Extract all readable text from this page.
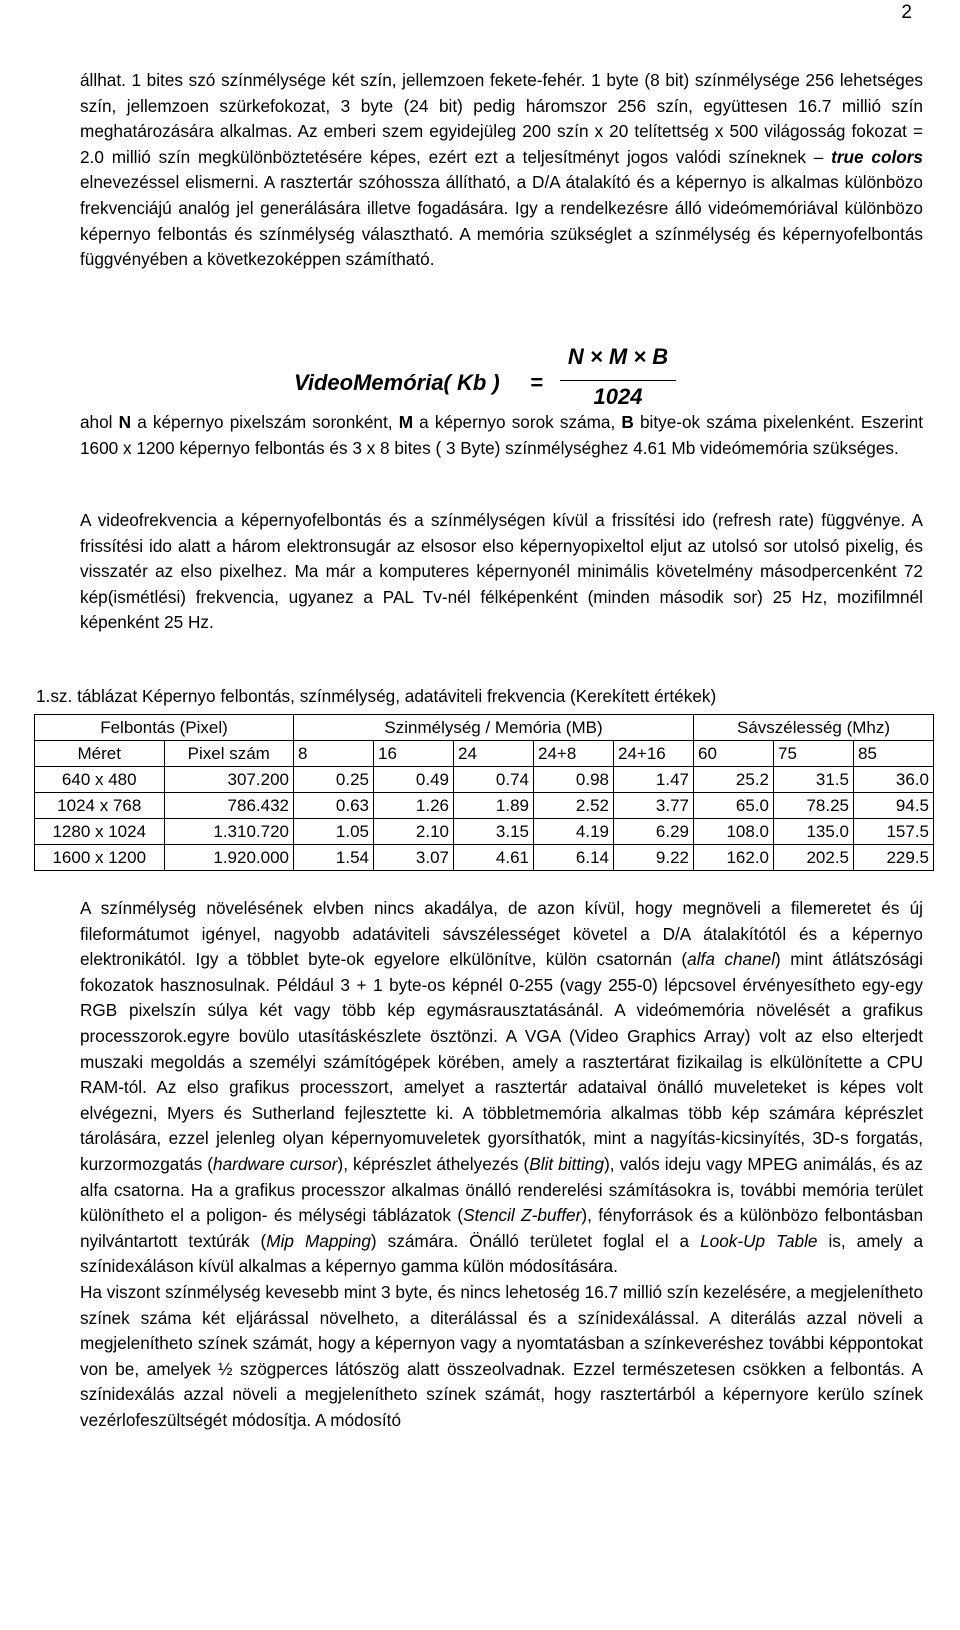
2

állhat. 1 bites szó színmélysége két szín, jellemzoen fekete-fehér. 1 byte (8 bit) színmélysége 256 lehetséges szín, jellemzoen szürkefokozat, 3 byte (24 bit) pedig háromszor 256 szín, együttesen 16.7 millió szín meghatározására alkalmas. Az emberi szem egyidejüleg 200 szín x 20 telítettség x 500 világosság fokozat = 2.0 millió szín megkülönböztetésére képes, ezért ezt a teljesítményt jogos valódi színeknek – true colors elnevezéssel elismerni. A rasztertár szóhossza állítható, a D/A átalakító és a képernyo is alkalmas különbözo frekvenciájú analóg jel generálására illetve fogadására. Igy a rendelkezésre álló videómemóriával különbözo képernyo felbontás és színmélység választható. A memória szükséglet a színmélység és képernyofelbontás függvényében a következoképpen számítható.

VideoMemória( Kb ) =
N × M × B
1024

ahol N a képernyo pixelszám soronként, M a képernyo sorok száma, B bitye-ok száma pixelenként. Eszerint 1600 x 1200 képernyo felbontás és 3 x 8 bites ( 3 Byte) színmélységhez 4.61 Mb videómemória szükséges.

A videofrekvencia a képernyofelbontás és a színmélységen kívül a frissítési ido (refresh rate) függvénye. A frissítési ido alatt a három elektronsugár az elsosor elso képernyopixeltol eljut az utolsó sor utolsó pixelig, és visszatér az elso pixelhez. Ma már a komputeres képernyonél minimális követelmény másodpercenként 72 kép(ismétlési) frekvencia, ugyanez a PAL Tv-nél félképenként (minden második sor) 25 Hz, mozifilmnél képenként 25 Hz.

1.sz. táblázat Képernyo felbontás, színmélység, adatáviteli frekvencia (Kerekített értékek)
Felbontás (Pixel)		Szinmélység / Memória (MB)					Sávszélesség (Mhz)		
Méret	Pixel szám	8	16	24	24+8	24+16	60	75	85
640 x 480	307.200	0.25	0.49	0.74	0.98	1.47	25.2	31.5	36.0
1024 x 768	786.432	0.63	1.26	1.89	2.52	3.77	65.0	78.25	94.5
1280 x 1024	1.310.720	1.05	2.10	3.15	4.19	6.29	108.0	135.0	157.5
1600 x 1200	1.920.000	1.54	3.07	4.61	6.14	9.22	162.0	202.5	229.5

A színmélység növelésének elvben nincs akadálya, de azon kívül, hogy megnöveli a filemeretet és új fileformátumot igényel, nagyobb adatáviteli sávszélességet követel a D/A átalakítótól és a képernyo elektronikától. Igy a többlet byte-ok egyelore elkülönítve, külön csatornán (alfa chanel) mint átlátszósági fokozatok hasznosulnak. Például 3 + 1 byte-os képnél 0-255 (vagy 255-0) lépcsovel érvényesítheto egy-egy RGB pixelszín súlya két vagy több kép egymásrausztatásánál. A videómemória növelését a grafikus processzorok.egyre bovülo utasításkészlete ösztönzi. A VGA (Video Graphics Array) volt az elso elterjedt muszaki megoldás a személyi számítógépek körében, amely a rasztertárat fizikailag is elkülönítette a CPU RAM-tól. Az elso grafikus processzort, amelyet a rasztertár adataival önálló muveleteket is képes volt elvégezni, Myers és Sutherland fejlesztette ki. A többletmemória alkalmas több kép számára képrészlet tárolására, ezzel jelenleg olyan képernyomuveletek gyorsíthatók, mint a nagyítás-kicsinyítés, 3D-s forgatás, kurzormozgatás (hardware cursor), képrészlet áthelyezés (Blit bitting), valós ideju vagy MPEG animálás, és az alfa csatorna. Ha a grafikus processzor alkalmas önálló renderelési számításokra is, további memória terület különítheto el a poligon- és mélységi táblázatok (Stencil Z-buffer), fényforrások és a különbözo felbontásban nyilvántartott textúrák (Mip Mapping) számára. Önálló területet foglal el a Look-Up Table is, amely a színidexáláson kívül alkalmas a képernyo gamma külön módosítására.

Ha viszont színmélység kevesebb mint 3 byte, és nincs lehetoség 16.7 millió szín kezelésére, a megjelenítheto színek száma két eljárással növelheto, a diterálással és a színidexálással. A diterálás azzal növeli a megjelenítheto színek számát, hogy a képernyon vagy a nyomtatásban a színkeveréshez további képpontokat von be, amelyek ½ szögperces látószög alatt összeolvadnak. Ezzel természetesen csökken a felbontás. A színidexálás azzal növeli a megjelenítheto színek számát, hogy rasztertárból a képernyore kerülo színek vezérlofeszültségét módosítja. A módosító
